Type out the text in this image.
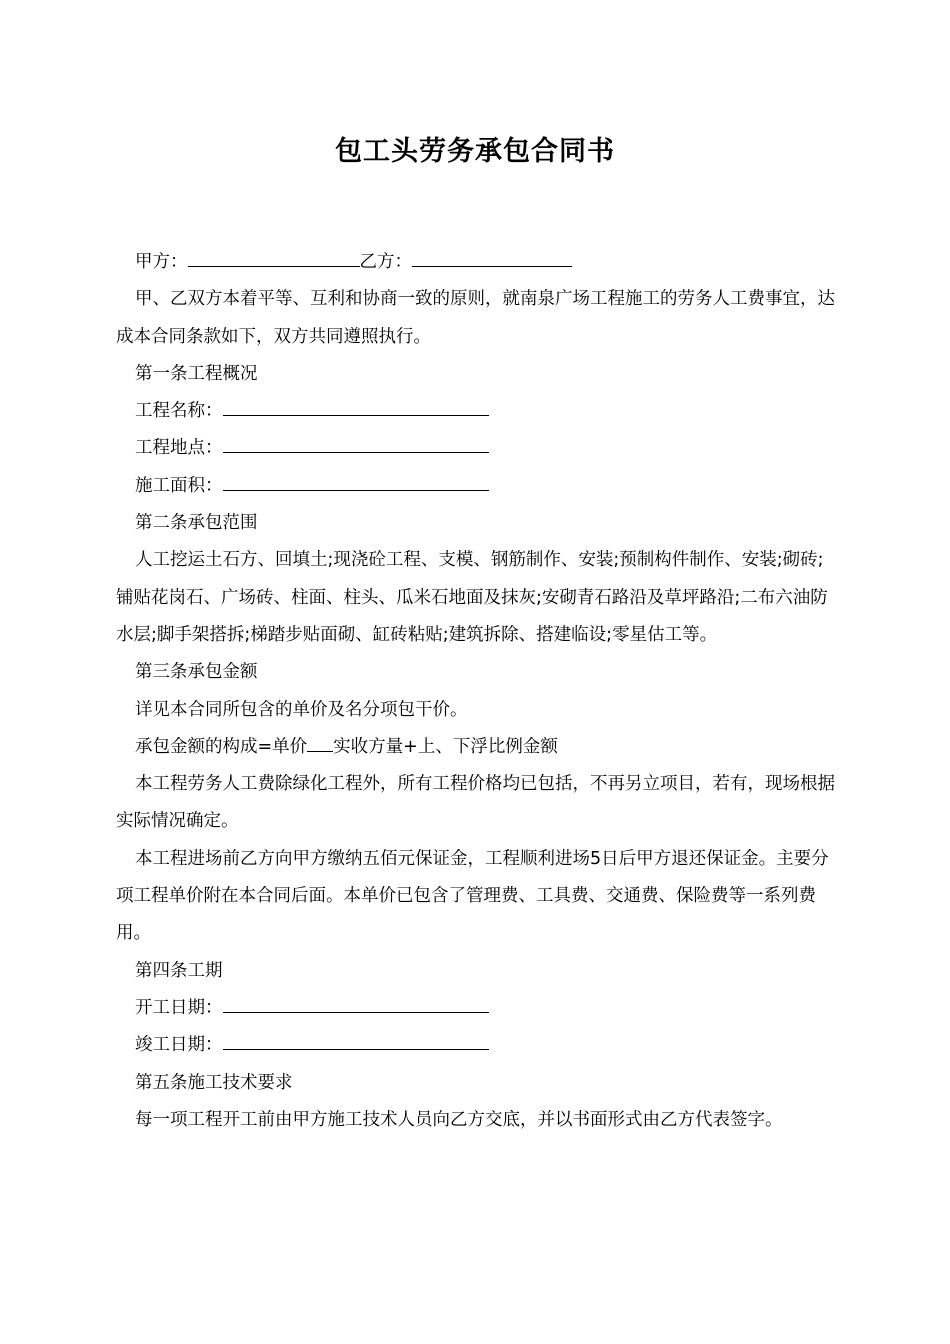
包工头劳务承包合同书

甲方：	乙方：

甲、乙双方本着平等、互利和协商一致的原则，就南泉广场工程施工的劳务人工费事宜，达成本合同条款如下，双方共同遵照执行。

第一条工程概况

工程名称：

工程地点：

施工面积：

第二条承包范围

人工挖运土石方、回填土;现浇砼工程、支模、钢筋制作、安装;预制构件制作、安装;砌砖;铺贴花岗石、广场砖、柱面、柱头、瓜米石地面及抹灰;安砌青石路沿及草坪路沿;二布六油防水层;脚手架搭拆;梯踏步贴面砌、缸砖粘贴;建筑拆除、搭建临设;零星估工等。

第三条承包金额

详见本合同所包含的单价及名分项包干价。

承包金额的构成=单价 实收方量+上、下浮比例金额

本工程劳务人工费除绿化工程外，所有工程价格均已包括，不再另立项目，若有，现场根据实际情况确定。

本工程进场前乙方向甲方缴纳五佰元保证金，工程顺利进场5日后甲方退还保证金。主要分项工程单价附在本合同后面。本单价已包含了管理费、工具费、交通费、保险费等一系列费用。

第四条工期

开工日期：

竣工日期：

第五条施工技术要求

每一项工程开工前由甲方施工技术人员向乙方交底，并以书面形式由乙方代表签字。
